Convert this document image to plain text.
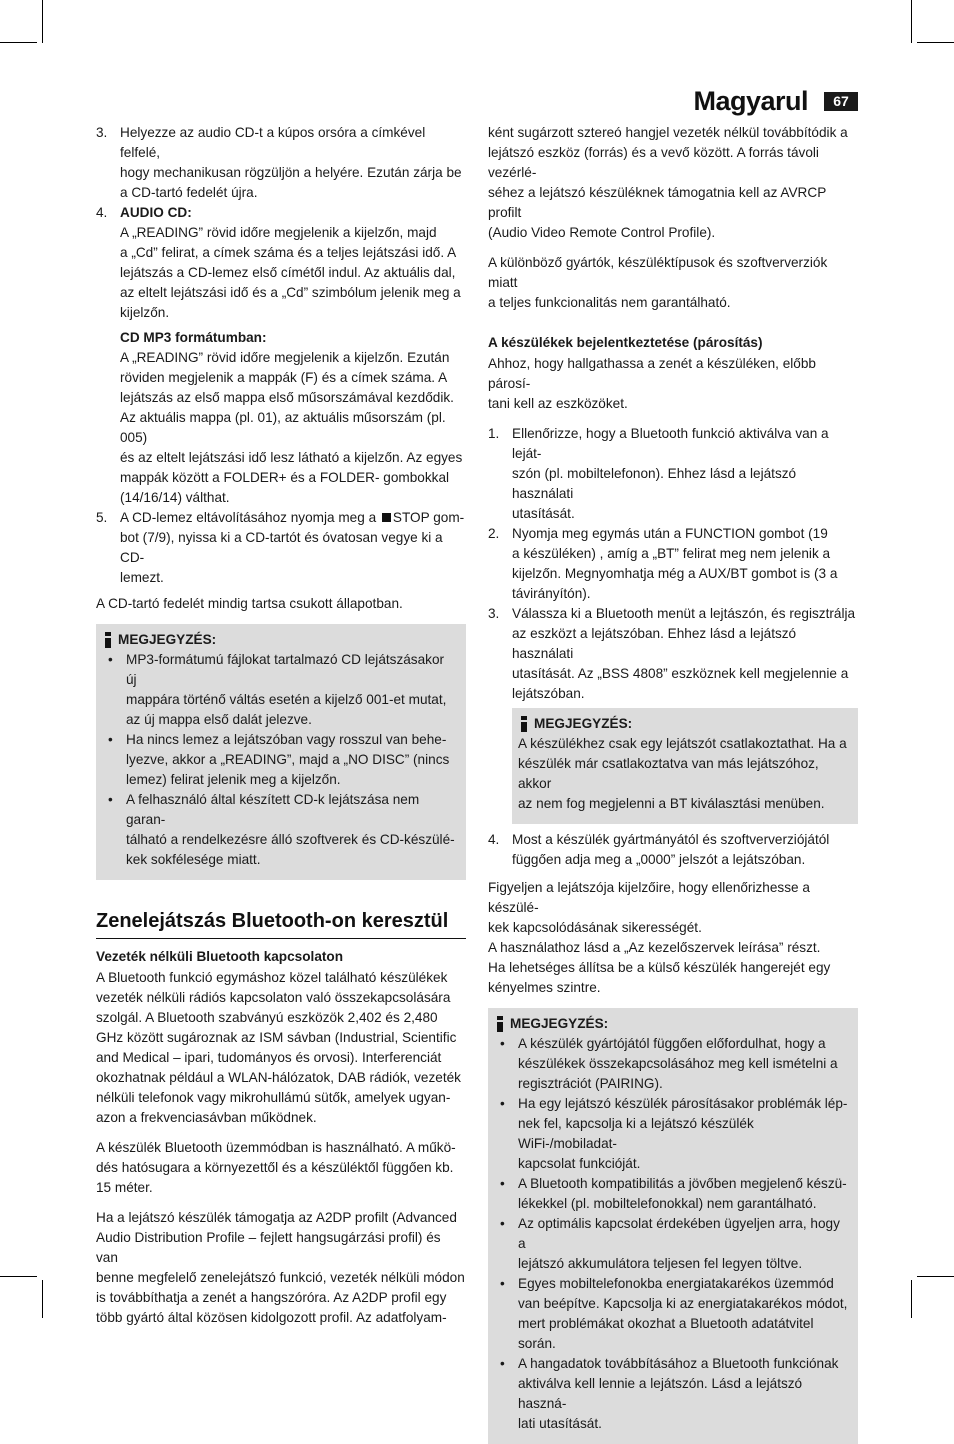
Magyarul	67
3. Helyezze az audio CD-t a kúpos orsóra a címkével felfelé,
hogy mechanikusan rögzüljön a helyére. Ezután zárja be
a CD-tartó fedelét újra.
4. AUDIO CD:
A „READING” rövid időre megjelenik a kijelzőn, majd
a „Cd” felirat, a címek száma és a teljes lejátszási idő. A
lejátszás a CD-lemez első címétől indul. Az aktuális dal,
az eltelt lejátszási idő és a „Cd” szimbólum jelenik meg a
kijelzőn.
CD MP3 formátumban:
A „READING” rövid időre megjelenik a kijelzőn. Ezután
röviden megjelenik a mappák (F) és a címek száma. A
lejátszás az első mappa első műsorszámával kezdődik.
Az aktuális mappa (pl. 01), az aktuális műsorszám (pl. 005)
és az eltelt lejátszási idő lesz látható a kijelzőn. Az egyes
mappák között a FOLDER+ és a FOLDER- gombokkal
(14/16/14) válthat.
5. A CD-lemez eltávolításához nyomja meg a STOP gom-
bot (7/9), nyissa ki a CD-tartót és óvatosan vegye ki a CD-
lemezt.
A CD-tartó fedelét mindig tartsa csukott állapotban.
MEGJEGYZÉS:
• MP3-formátumú fájlokat tartalmazó CD lejátszásakor új
mappára történő váltás esetén a kijelző 001-et mutat,
az új mappa első dalát jelezve.
• Ha nincs lemez a lejátszóban vagy rosszul van behe-
lyezve, akkor a „READING”, majd a „NO DISC” (nincs
lemez) felirat jelenik meg a kijelzőn.
• A felhasználó által készített CD-k lejátszása nem garan-
tálható a rendelkezésre álló szoftverek és CD-készülé-
kek sokfélesége miatt.
Zenelejátszás Bluetooth-on keresztül
Vezeték nélküli Bluetooth kapcsolaton
A Bluetooth funkció egymáshoz közel található készülékek
vezeték nélküli rádiós kapcsolaton való összekapcsolására
szolgál. A Bluetooth szabványú eszközök 2,402 és 2,480
GHz között sugároznak az ISM sávban (Industrial, Scientific
and Medical – ipari, tudományos és orvosi). Interferenciát
okozhatnak például a WLAN-hálózatok, DAB rádiók, vezeték
nélküli telefonok vagy mikrohullámú sütők, amelyek ugyan-
azon a frekvenciasávban működnek.
A készülék Bluetooth üzemmódban is használható. A műkö-
dés hatósugara a környezettől és a készüléktől függően kb.
15 méter.
Ha a lejátszó készülék támogatja az A2DP profilt (Advanced
Audio Distribution Profile – fejlett hangsugárzási profil) és van
benne megfelelő zenelejátszó funkció, vezeték nélküli módon
is továbbíthatja a zenét a hangszóróra. Az A2DP profil egy
több gyártó által közösen kidolgozott profil. Az adatfolyam-
ként sugárzott sztereó hangjel vezeték nélkül továbbítódik a
lejátszó eszköz (forrás) és a vevő között. A forrás távoli vezérlé-
séhez a lejátszó készüléknek támogatnia kell az AVRCP profilt
(Audio Video Remote Control Profile).
A különböző gyártók, készüléktípusok és szoftververziók miatt
a teljes funkcionalitás nem garantálható.
A készülékek bejelentkeztetése (párosítás)
Ahhoz, hogy hallgathassa a zenét a készüléken, előbb párosí-
tani kell az eszközöket.
1. Ellenőrizze, hogy a Bluetooth funkció aktiválva van a leját-
szón (pl. mobiltelefonon). Ehhez lásd a lejátszó használati
utasítását.
2. Nyomja meg egymás után a FUNCTION gombot (19
a készüléken) , amíg a „BT” felirat meg nem jelenik a
kijelzőn. Megnyomhatja még a AUX/BT gombot is (3 a
távirányítón).
3. Válassza ki a Bluetooth menüt a lejtászón, és regisztrálja
az eszközt a lejátszóban. Ehhez lásd a lejátszó használati
utasítását. Az „BSS 4808” eszköznek kell megjelennie a
lejátszóban.
MEGJEGYZÉS:
A készülékhez csak egy lejátszót csatlakoztathat. Ha a
készülék már csatlakoztatva van más lejátszóhoz, akkor
az nem fog megjelenni a BT kiválasztási menüben.
4. Most a készülék gyártmányától és szoftververziójától
függően adja meg a „0000” jelszót a lejátszóban.
Figyeljen a lejátszója kijelzőire, hogy ellenőrizhesse a készülé-
kek kapcsolódásának sikerességét.
A használathoz lásd a „Az kezelőszervek leírása” részt.
Ha lehetséges állítsa be a külső készülék hangerejét egy
kényelmes szintre.
MEGJEGYZÉS:
• A készülék gyártójától függően előfordulhat, hogy a
készülékek összekapcsolásához meg kell ismételni a
regisztrációt (PAIRING).
• Ha egy lejátszó készülék párosításakor problémák lép-
nek fel, kapcsolja ki a lejátszó készülék WiFi-/mobiladat-
kapcsolat funkcióját.
• A Bluetooth kompatibilitás a jövőben megjelenő készü-
lékekkel (pl. mobiltelefonokkal) nem garantálható.
• Az optimális kapcsolat érdekében ügyeljen arra, hogy a
lejátszó akkumulátora teljesen fel legyen töltve.
• Egyes mobiltelefonokba energiatakarékos üzemmód
van beépítve. Kapcsolja ki az energiatakarékos módot,
mert problémákat okozhat a Bluetooth adatátvitel
során.
• A hangadatok továbbításához a Bluetooth funkciónak
aktiválva kell lennie a lejátszón. Lásd a lejátszó haszná-
lati utasítását.
